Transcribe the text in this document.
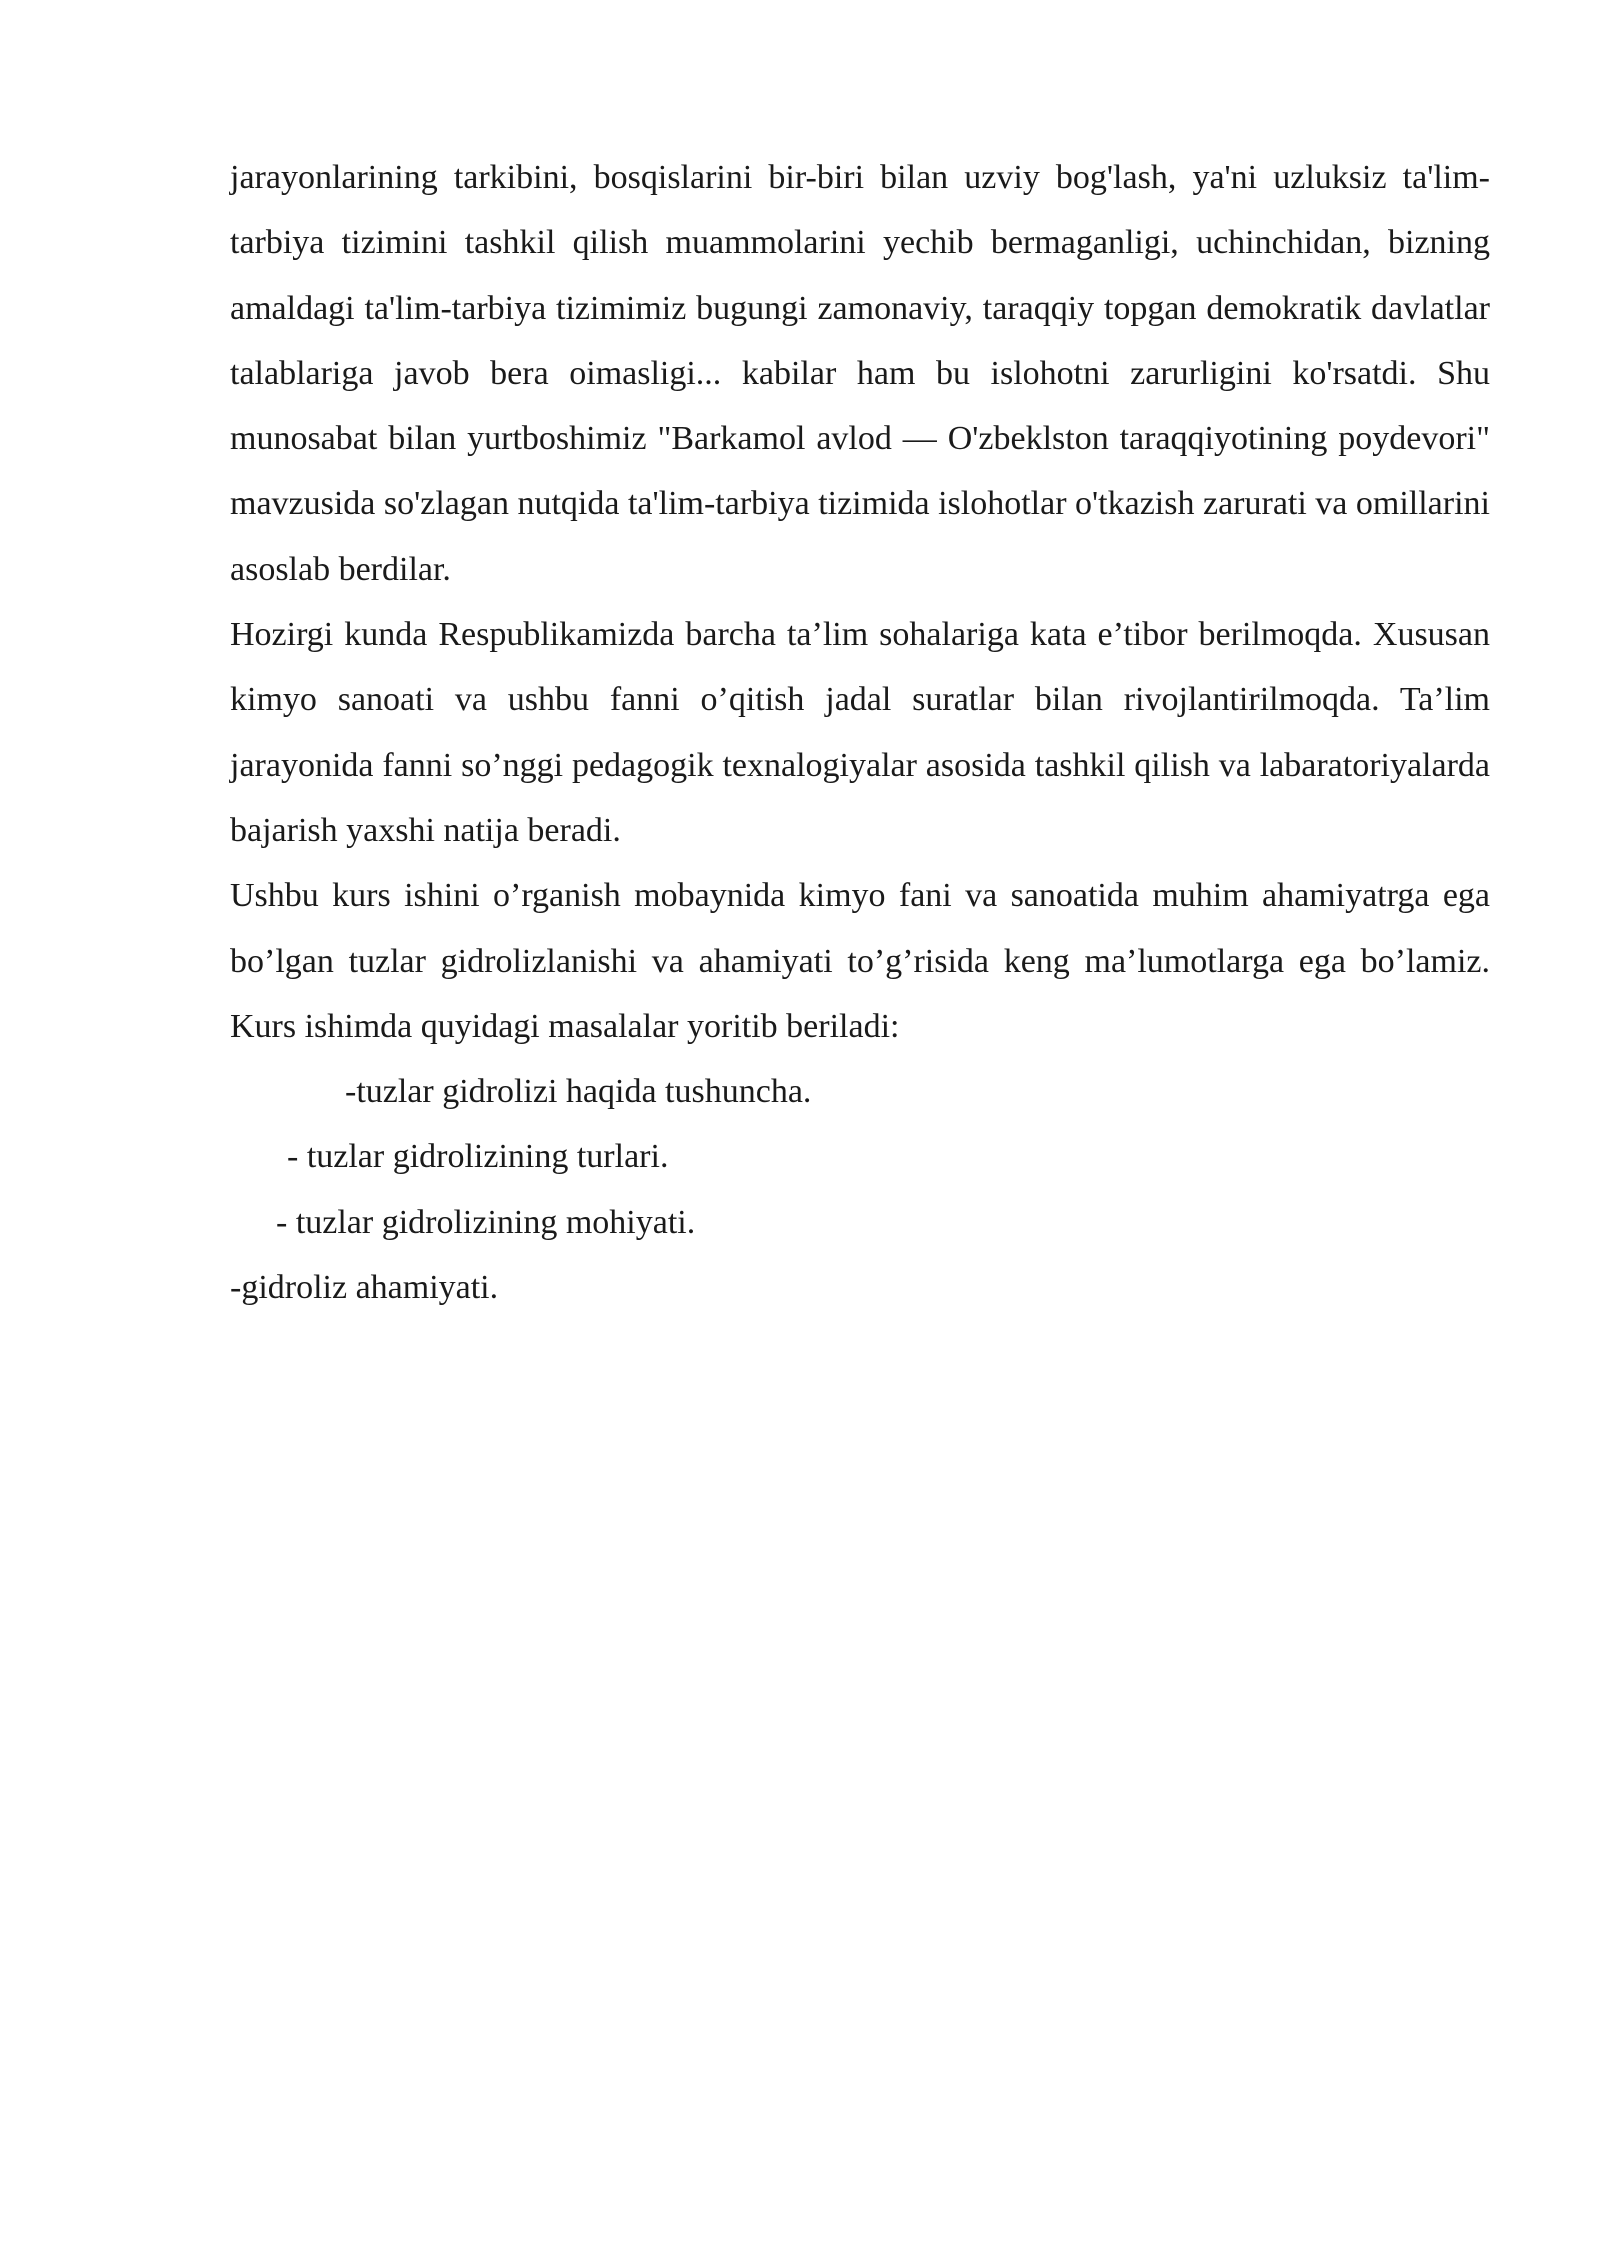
jarayonlarining tarkibini, bosqislarini bir-biri bilan uzviy bog'lash, ya'ni uzluksiz ta'lim-tarbiya tizimini tashkil qilish muammolarini yechib bermaganligi, uchinchidan, bizning amaldagi ta'lim-tarbiya tizimimiz bugungi zamonaviy, taraqqiy topgan demokratik davlatlar talablariga javob bera oimasligi... kabilar ham bu islohotni zarurligini ko'rsatdi. Shu munosabat bilan yurtboshimiz "Barkamol avlod — O'zbeklston taraqqiyotining poydevori" mavzusida so'zlagan nutqida ta'lim-tarbiya tizimida islohotlar o'tkazish zarurati va omillarini asoslab berdilar.

Hozirgi kunda Respublikamizda barcha ta’lim sohalariga kata e’tibor berilmoqda. Xususan kimyo sanoati va ushbu fanni o’qitish jadal suratlar bilan rivojlantirilmoqda. Ta’lim jarayonida fanni so’nggi pedagogik texnalogiyalar asosida tashkil qilish va labaratoriyalarda bajarish yaxshi natija beradi.

Ushbu kurs ishini o’rganish mobaynida kimyo fani va sanoatida muhim ahamiyatrga ega bo’lgan tuzlar gidrolizlanishi va ahamiyati to’g’risida keng ma’lumotlarga ega bo’lamiz. Kurs ishimda quyidagi masalalar yoritib beriladi:

-tuzlar gidrolizi haqida tushuncha.

- tuzlar gidrolizining turlari.

- tuzlar gidrolizining mohiyati.

-gidroliz ahamiyati.
